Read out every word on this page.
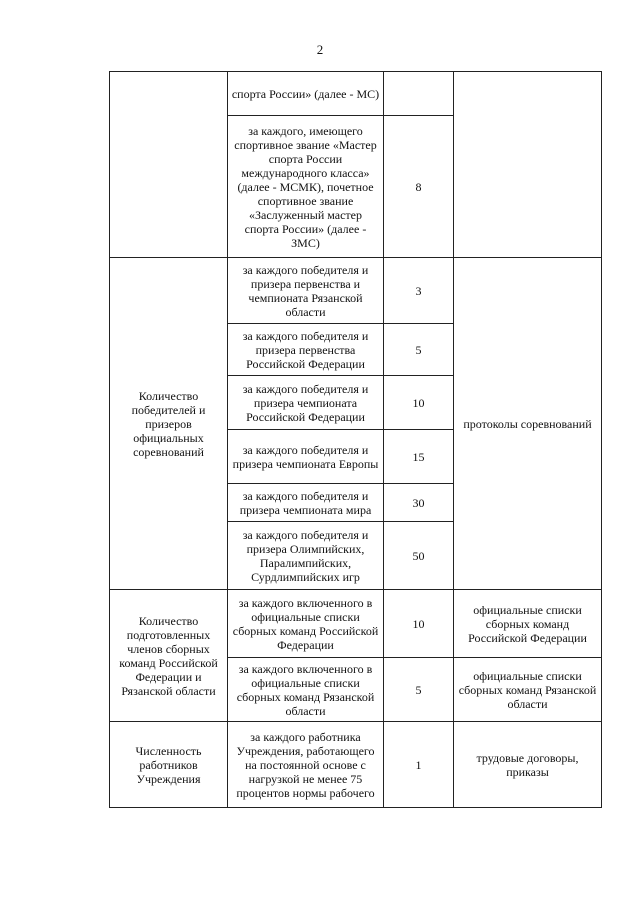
2
	спорта России» (далее - МС)		
	за каждого, имеющего спортивное звание «Мастер спорта России международного класса» (далее - МСМК), почетное спортивное звание «Заслуженный мастер спорта России» (далее - ЗМС)	8	
Количество победителей и призеров официальных соревнований	за каждого победителя и призера первенства и чемпионата Рязанской области	3	протоколы соревнований
	за каждого победителя и призера первенства Российской Федерации	5	
	за каждого победителя и призера чемпионата Российской Федерации	10	
	за каждого победителя и призера чемпионата Европы	15	
	за каждого победителя и призера чемпионата мира	30	
	за каждого победителя и призера Олимпийских, Паралимпийских, Сурдлимпийских игр	50	
Количество подготовленных членов сборных команд Российской Федерации и Рязанской области	за каждого включенного в официальные списки сборных команд Российской Федерации	10	официальные списки сборных команд Российской Федерации
	за каждого включенного в официальные списки сборных команд Рязанской области	5	официальные списки сборных команд Рязанской области
Численность работников Учреждения	за каждого работника Учреждения, работающего на постоянной основе с нагрузкой не менее 75 процентов нормы рабочего	1	трудовые договоры, приказы
